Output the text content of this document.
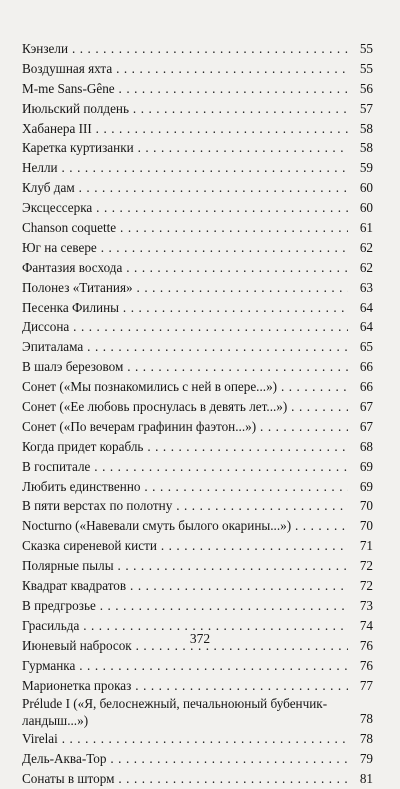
Кэнзели . . .	55
Воздушная яхта . . .	55
M-me Sans-Gêne . . .	56
Июльский полдень . . .	57
Хабанера III . . .	58
Каретка куртизанки . . .	58
Нелли . . .	59
Клуб дам . . .	60
Эксцессерка . . .	60
Chanson coquette . . .	61
Юг на севере . . .	62
Фантазия восхода . . .	62
Полонез «Титания» . . .	63
Песенка Филины . . .	64
Диссона . . .	64
Эпиталама . . .	65
В шалэ березовом . . .	66
Сонет («Мы познакомились с ней в опере...») . . .	66
Сонет («Ее любовь проснулась в девять лет...») . . .	67
Сонет («По вечерам графинин фаэтон...») . . .	67
Когда придет корабль . . .	68
В госпитале . . .	69
Любить единственно . . .	69
В пяти верстах по полотну . . .	70
Nocturno («Навевали смуть былого окарины...») . . .	70
Сказка сиреневой кисти . . .	71
Полярные пылы . . .	72
Квадрат квадратов . . .	72
В предгрозье . . .	73
Грасильда . . .	74
Июневый набросок . . .	76
Гурманка . . .	76
Марионетка проказ . . .	77
Prélude I («Я, белоснежный, печальноюный бубенчик-ландыш...»)	78
Virelai . . .	78
Дель-Аква-Тор . . .	79
Сонаты в шторм . . .	81
372
